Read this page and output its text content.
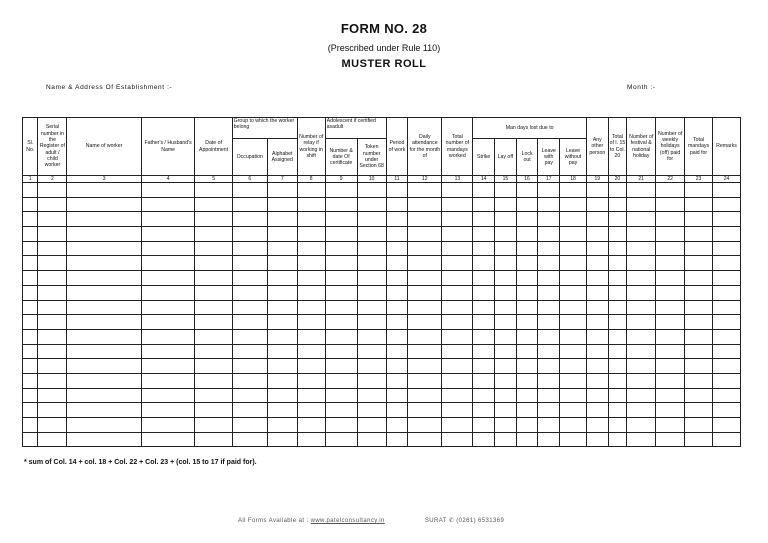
FORM NO. 28
(Prescribed under Rule 110)
MUSTER ROLL
Name & Address Of Establishment :-	Month :-
Sl. No.	Serial number in the Register of adult / child worker	Name of worker	Father's / Husband's Name	Date of Appointment	Group to which the worker belong		Number of relay if working in shift	Adolescent if certified asadult		Period of work	Daily attendance for the month of	Total number of mandays worked	Man days lost due to					Any other person	Total of l. 15 to Col. 20	Number of festival & national holiday	Number of weekly holidays (off) paid for	Total mandays paid for	Remarks
					Occupation	Alphabet Assigned		Number & date Of certificate	Token number under Section 68				Strike	Lay off	Lock out	Leave with pay	Leave without pay						
1	2	3	4	5	6	7	8	9	10	11	12	13	14	15	16	17	18	19	20	21	22	23	24

* sum of Col. 14 + col. 18 + Col. 22 + Col. 23 + (col. 15 to 17 if paid for).
All Forms Available at : www.patelconsultancy.in	SURAT ✆ (0261) 6531369
